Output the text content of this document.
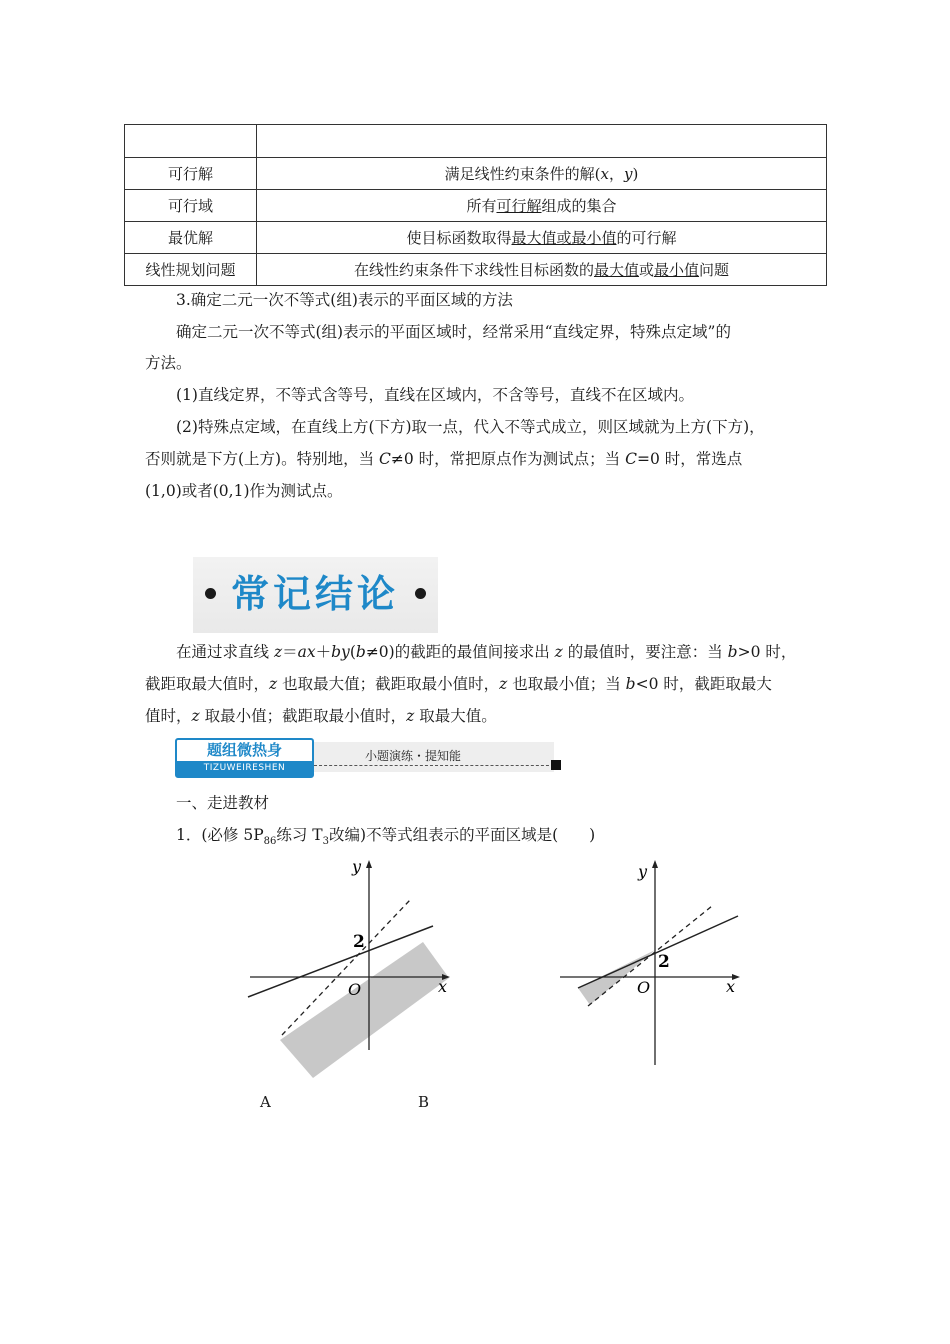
可行解	满足线性约束条件的解(x，y)
可行域	所有可行解组成的集合
最优解	使目标函数取得最大值或最小值的可行解
线性规划问题	在线性约束条件下求线性目标函数的最大值或最小值问题
3.确定二元一次不等式(组)表示的平面区域的方法
确定二元一次不等式(组)表示的平面区域时，经常采用“直线定界，特殊点定域”的
方法。
(1)直线定界，不等式含等号，直线在区域内，不含等号，直线不在区域内。
(2)特殊点定域，在直线上方(下方)取一点，代入不等式成立，则区域就为上方(下方)，
否则就是下方(上方)。特别地，当 C≠0 时，常把原点作为测试点；当 C=0 时，常选点
(1,0)或者(0,1)作为测试点。
常记结论
在通过求直线 z＝ax＋by(b≠0)的截距的最值间接求出 z 的最值时，要注意：当 b>0 时，
截距取最大值时，z 也取最大值；截距取最小值时，z 也取最小值；当 b<0 时，截距取最大
值时，z 取最小值；截距取最小值时，z 取最大值。
题组微热身
TIZUWEIRESHEN
小题演练・提知能
一、走进教材
1．(必修 $5P_{86}$练习 $T_3$改编)不等式组表示的平面区域是(　　)
y
x
O
2
y
x
O
2
A	B
